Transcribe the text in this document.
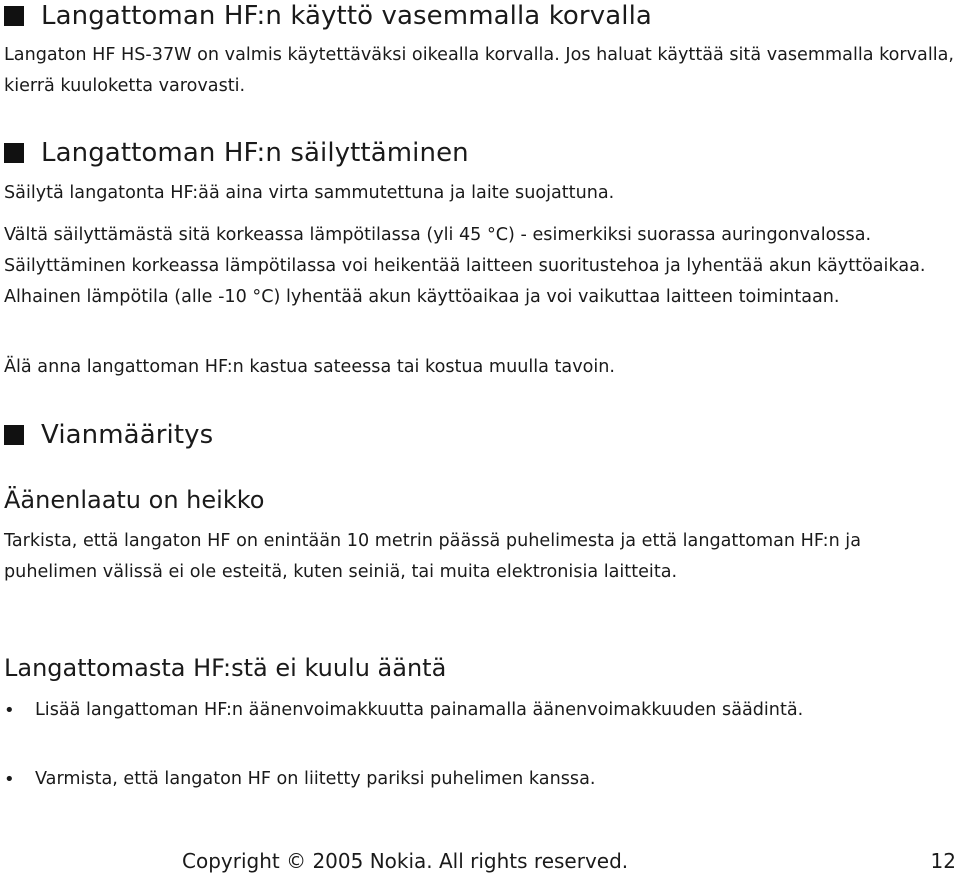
Langattoman HF:n käyttö vasemmalla korvalla

Langaton HF HS-37W on valmis käytettäväksi oikealla korvalla. Jos haluat käyttää sitä vasemmalla korvalla, kierrä kuuloketta varovasti.

Langattoman HF:n säilyttäminen

Säilytä langatonta HF:ää aina virta sammutettuna ja laite suojattuna.

Vältä säilyttämästä sitä korkeassa lämpötilassa (yli 45 °C) - esimerkiksi suorassa auringonvalossa. Säilyttäminen korkeassa lämpötilassa voi heikentää laitteen suoritustehoa ja lyhentää akun käyttöaikaa. Alhainen lämpötila (alle -10 °C) lyhentää akun käyttöaikaa ja voi vaikuttaa laitteen toimintaan.

Älä anna langattoman HF:n kastua sateessa tai kostua muulla tavoin.

Vianmääritys
Äänenlaatu on heikko

Tarkista, että langaton HF on enintään 10 metrin päässä puhelimesta ja että langattoman HF:n ja puhelimen välissä ei ole esteitä, kuten seiniä, tai muita elektronisia laitteita.

Langattomasta HF:stä ei kuulu ääntä
•	Lisää langattoman HF:n äänenvoimakkuutta painamalla äänenvoimakkuuden säädintä.
•	Varmista, että langaton HF on liitetty pariksi puhelimen kanssa.
Copyright © 2005 Nokia. All rights reserved.	12
